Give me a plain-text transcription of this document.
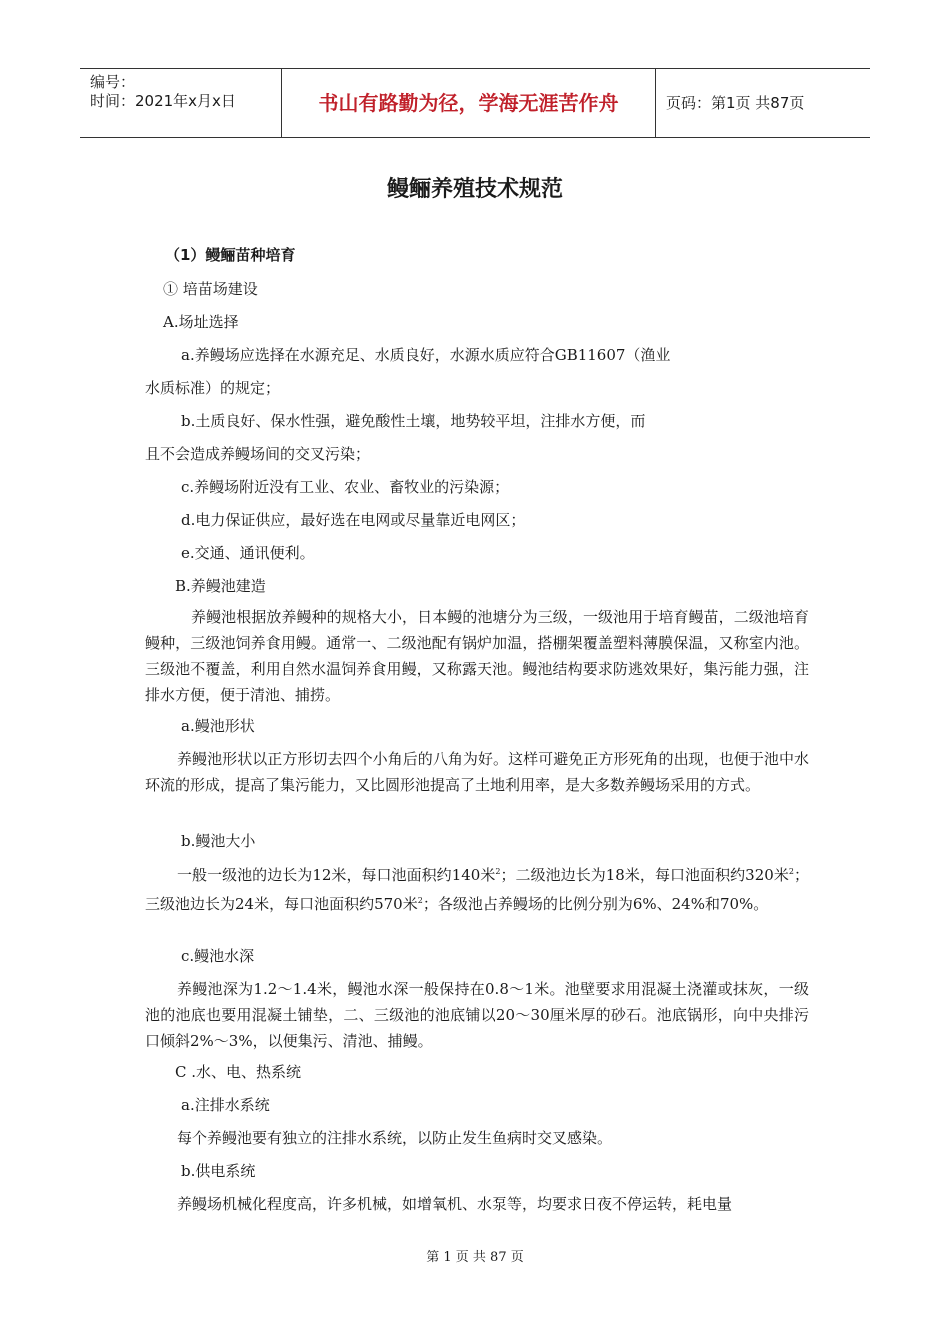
编号：
时间：2021年x月x日	书山有路勤为径，学海无涯苦作舟	页码：第1页 共87页
鳗鲡养殖技术规范
（1）鳗鲡苗种培育
① 培苗场建设
A.场址选择
a.养鳗场应选择在水源充足、水质良好，水源水质应符合GB11607（渔业
水质标准）的规定；
b.土质良好、保水性强，避免酸性土壤，地势较平坦，注排水方便，而
且不会造成养鳗场间的交叉污染；
c.养鳗场附近没有工业、农业、畜牧业的污染源；
d.电力保证供应，最好选在电网或尽量靠近电网区；
e.交通、通讯便利。
B.养鳗池建造
养鳗池根据放养鳗种的规格大小，日本鳗的池塘分为三级，一级池用于培育鳗苗，二级池培育鳗种，三级池饲养食用鳗。通常一、二级池配有锅炉加温，搭棚架覆盖塑料薄膜保温，又称室内池。三级池不覆盖，利用自然水温饲养食用鳗，又称露天池。鳗池结构要求防逃效果好，集污能力强，注排水方便，便于清池、捕捞。
a.鳗池形状
养鳗池形状以正方形切去四个小角后的八角为好。这样可避免正方形死角的出现，也便于池中水环流的形成，提高了集污能力，又比圆形池提高了土地利用率，是大多数养鳗场采用的方式。
b.鳗池大小
一般一级池的边长为12米，每口池面积约140米$^2$；二级池边长为18米，每口池面积约320米$^2$；三级池边长为24米，每口池面积约570米$^2$；各级池占养鳗场的比例分别为6%、24%和70%。
c.鳗池水深
养鳗池深为1.2～1.4米，鳗池水深一般保持在0.8～1米。池壁要求用混凝土浇灌或抹灰，一级池的池底也要用混凝土铺垫，二、三级池的池底铺以20～30厘米厚的砂石。池底锅形，向中央排污口倾斜2%～3%，以便集污、清池、捕鳗。
C .水、电、热系统
a.注排水系统
每个养鳗池要有独立的注排水系统，以防止发生鱼病时交叉感染。
b.供电系统
养鳗场机械化程度高，许多机械，如增氧机、水泵等，均要求日夜不停运转，耗电量
第 1 页 共 87 页
